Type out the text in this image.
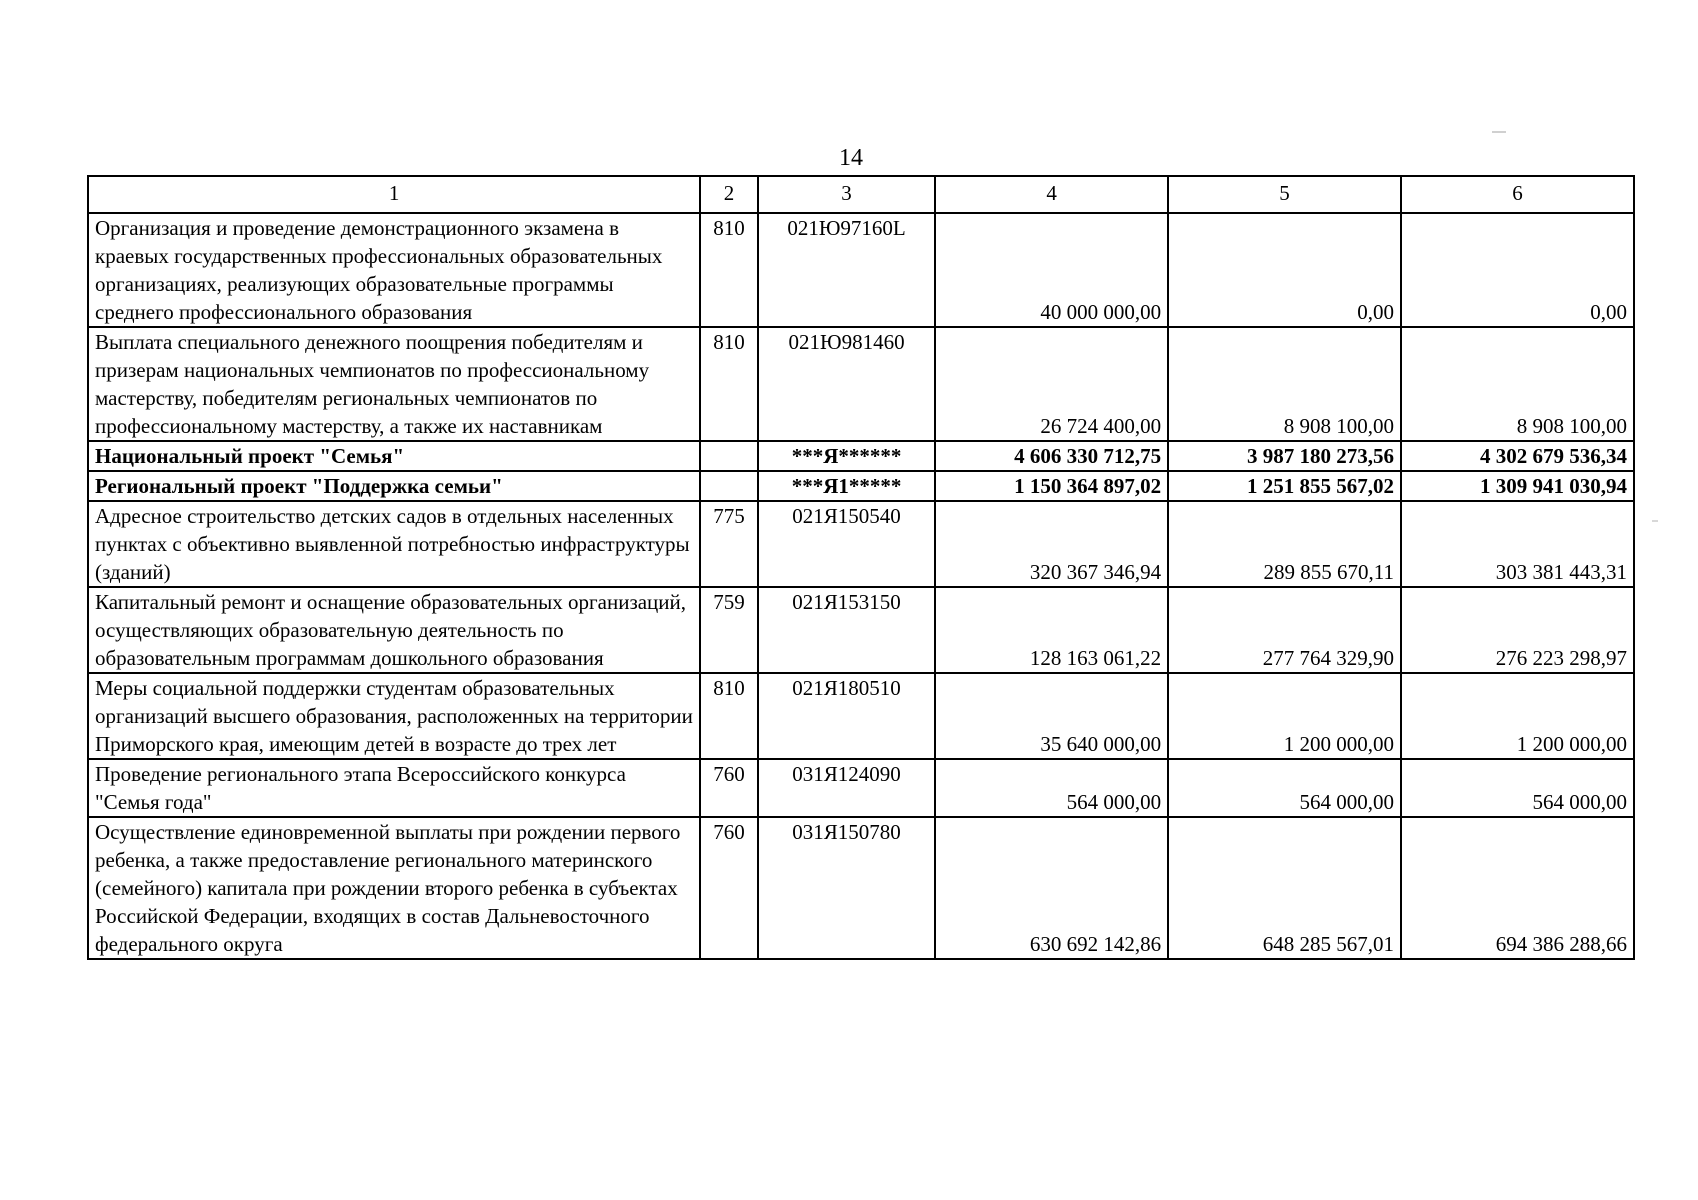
14
1	2	3	4	5	6
Организация и проведение демонстрационного экзамена в краевых государственных профессиональных образовательных организациях, реализующих образовательные программы среднего профессионального образования	810	021Ю97160L	40 000 000,00	0,00	0,00
Выплата специального денежного поощрения победителям и призерам национальных чемпионатов по профессиональному мастерству, победителям региональных чемпионатов по профессиональному мастерству, а также их наставникам	810	021Ю981460	26 724 400,00	8 908 100,00	8 908 100,00
Национальный проект "Семья"		***Я******	4 606 330 712,75	3 987 180 273,56	4 302 679 536,34
Региональный проект "Поддержка семьи"		***Я1*****	1 150 364 897,02	1 251 855 567,02	1 309 941 030,94
Адресное строительство детских садов в отдельных населенных пунктах с объективно выявленной потребностью инфраструктуры (зданий)	775	021Я150540	320 367 346,94	289 855 670,11	303 381 443,31
Капитальный ремонт и оснащение образовательных организаций, осуществляющих образовательную деятельность по образовательным программам дошкольного образования	759	021Я153150	128 163 061,22	277 764 329,90	276 223 298,97
Меры социальной поддержки студентам образовательных организаций высшего образования, расположенных на территории Приморского края, имеющим детей в возрасте до трех лет	810	021Я180510	35 640 000,00	1 200 000,00	1 200 000,00
Проведение регионального этапа Всероссийского конкурса "Семья года"	760	031Я124090	564 000,00	564 000,00	564 000,00
Осуществление единовременной выплаты при рождении первого ребенка, а также предоставление регионального материнского (семейного) капитала при рождении второго ребенка в субъектах Российской Федерации, входящих в состав Дальневосточного федерального округа	760	031Я150780	630 692 142,86	648 285 567,01	694 386 288,66
